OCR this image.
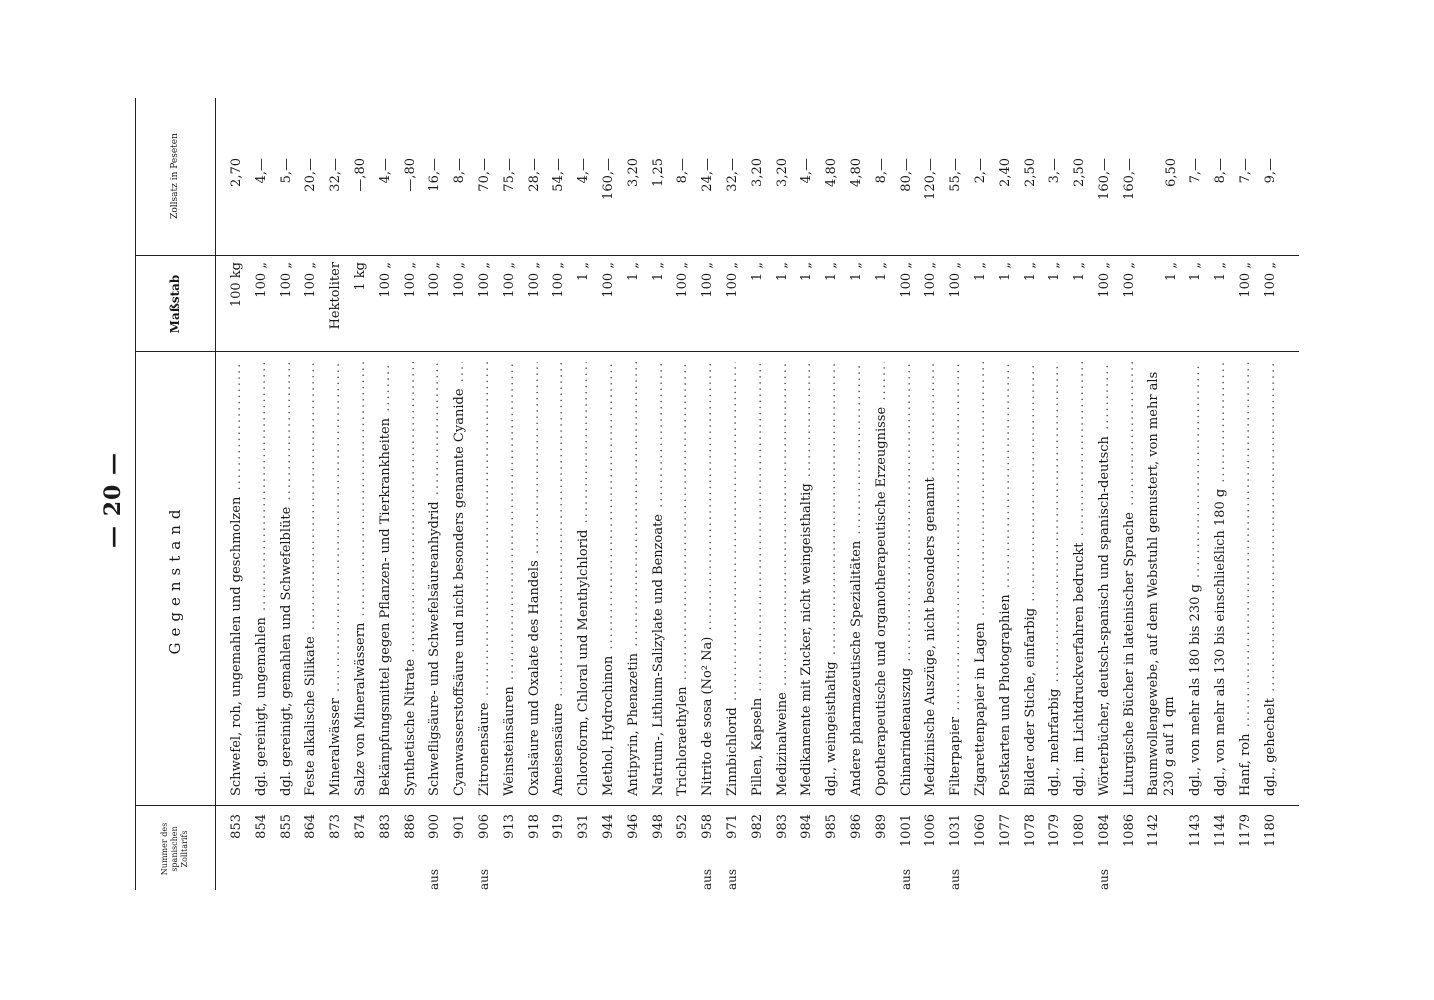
— 20 —
Nummer des spanischen Zolltarifs
Gegenstand
Maßstab
Zollsatz in Peseten
853
Schwefel, roh, ungemahlen und geschmolzen .....
100 kg
2,70
854
dgl. gereinigt, ungemahlen .....
100 „
4,—
855
dgl. gereinigt, gemahlen und Schwefelblüte .....
100 „
5,—
864
Feste alkalische Silikate .....
100 „
20,—
873
Mineralwässer .....
Hektoliter
32,—
874
Salze von Mineralwässern .....
1 kg
—,80
883
Bekämpfungsmittel gegen Pflanzen- und Tierkrankheiten .....
100 „
4,—
886
Synthetische Nitrate .....
100 „
—,80
aus
900
Schwefligsäure- und Schwefelsäureanhydrid .....
100 „
16,—
901
Cyanwasserstoffsäure und nicht besonders genannte Cyanide .....
100 „
8,—
aus
906
Zitronensäure .....
100 „
70,—
913
Weinsteinsäuren .....
100 „
75,—
918
Oxalsäure und Oxalate des Handels .....
100 „
28,—
919
Ameisensäure .....
100 „
54,—
931
Chloroform, Chloral und Menthylchlorid .....
1 „
4,—
944
Methol, Hydrochinon .....
100 „
160,—
946
Antipyrin, Phenazetin .....
1 „
3,20
948
Natrium-, Lithium-Salizylate und Benzoate .....
1 „
1,25
952
Trichloraethylen .....
100 „
8,—
aus
958
Nitrito de sosa (No² Na) .....
100 „
24,—
aus
971
Zinnbichlorid .....
100 „
32,—
982
Pillen, Kapseln .....
1 „
3,20
983
Medizinalweine .....
1 „
3,20
984
Medikamente mit Zucker, nicht weingeisthaltig .....
1 „
4,—
985
dgl., weingeisthaltig .....
1 „
4,80
986
Andere pharmazeutische Spezialitäten .....
1 „
4,80
989
Opotherapeutische und organotherapeutische Erzeugnisse .....
1 „
8,—
aus
1001
Chinarindenauszug .....
100 „
80,—
1006
Medizinische Auszüge, nicht besonders genannt .....
100 „
120,—
aus
1031
Filterpapier .....
100 „
55,—
1060
Zigarettenpapier in Lagen .....
1 „
2,—
1077
Postkarten und Photographien .....
1 „
2,40
1078
Bilder oder Stiche, einfarbig .....
1 „
2,50
1079
dgl., mehrfarbig .....
1 „
3,—
1080
dgl., im Lichtdruckverfahren bedruckt .....
1 „
2,50
aus
1084
Wörterbücher, deutsch-spanisch und spanisch-deutsch .....
100 „
160,—
1086
Liturgische Bücher in lateinischer Sprache .....
100 „
160,—
1142
Baumwollengewebe, auf dem Webstuhl gemustert, von mehr als 230 g auf 1 qm
1 „
6,50
1143
dgl., von mehr als 180 bis 230 g .....
1 „
7,—
1144
dgl., von mehr als 130 bis einschließlich 180 g .....
1 „
8,—
1179
Hanf, roh .....
100 „
7,—
1180
dgl., gehechelt .....
100 „
9,—
